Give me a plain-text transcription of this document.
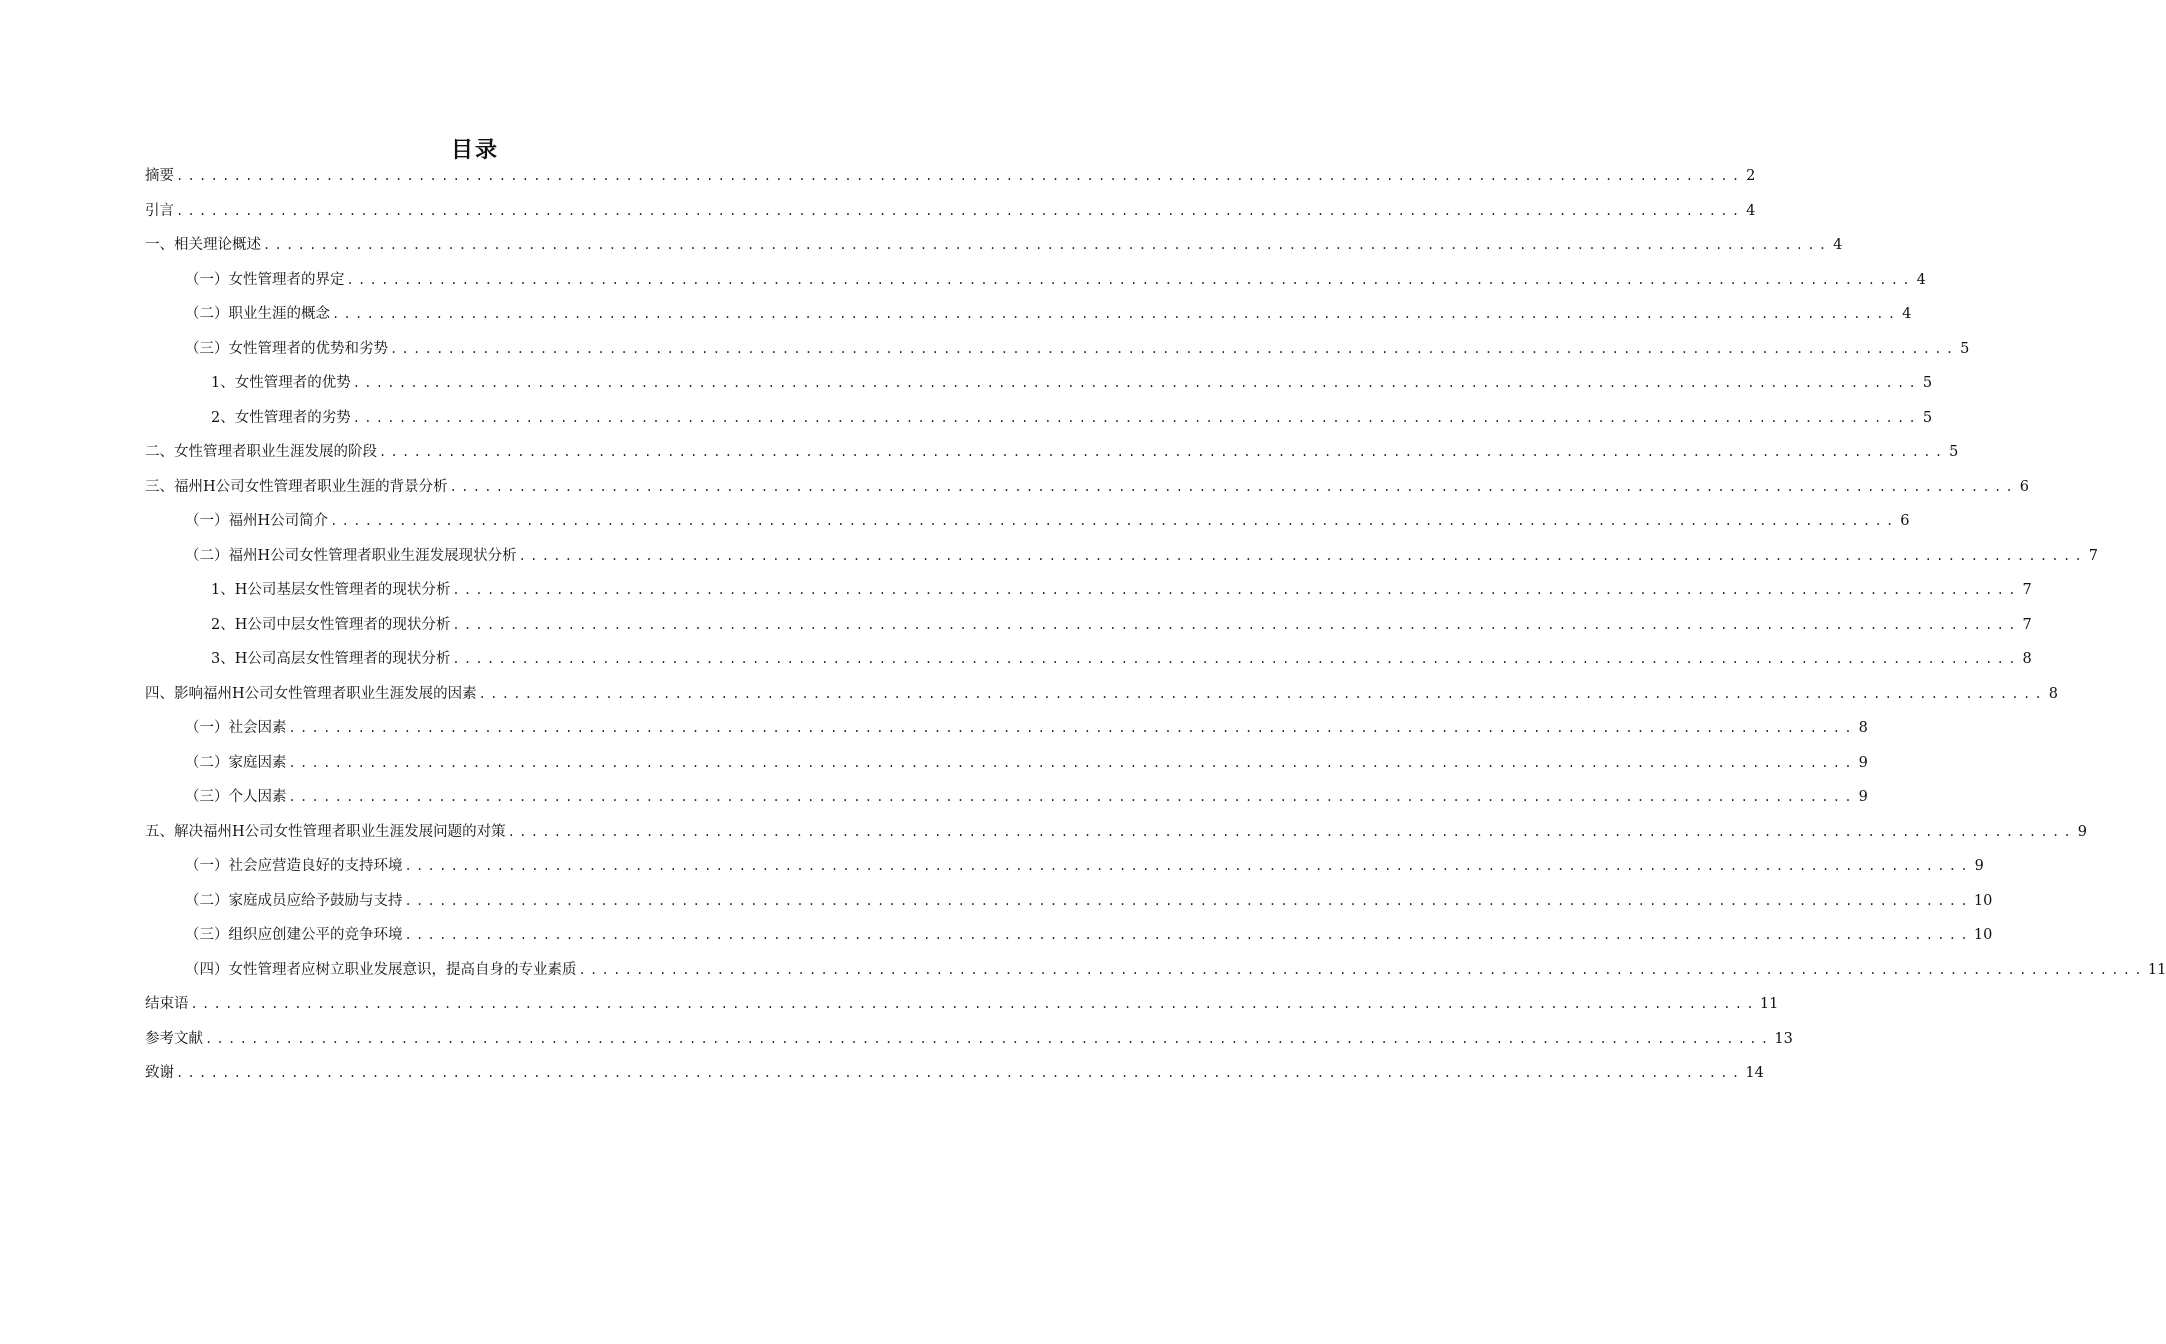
目录
摘要 ........................................................................................................................................ 2
引言 ........................................................................................................................................ 4
一、相关理论概述 ........................................................................................................................................ 4
（一）女性管理者的界定 ........................................................................................................................................ 4
（二）职业生涯的概念 ........................................................................................................................................ 4
（三）女性管理者的优势和劣势 ........................................................................................................................................ 5
1、女性管理者的优势 ........................................................................................................................................ 5
2、女性管理者的劣势 ........................................................................................................................................ 5
二、女性管理者职业生涯发展的阶段 ........................................................................................................................................ 5
三、福州H公司女性管理者职业生涯的背景分析 ........................................................................................................................................ 6
（一）福州H公司简介 ........................................................................................................................................ 6
（二）福州H公司女性管理者职业生涯发展现状分析 ........................................................................................................................................ 7
1、H公司基层女性管理者的现状分析 ........................................................................................................................................ 7
2、H公司中层女性管理者的现状分析 ........................................................................................................................................ 7
3、H公司高层女性管理者的现状分析 ........................................................................................................................................ 8
四、影响福州H公司女性管理者职业生涯发展的因素 ........................................................................................................................................ 8
（一）社会因素 ........................................................................................................................................ 8
（二）家庭因素 ........................................................................................................................................ 9
（三）个人因素 ........................................................................................................................................ 9
五、解决福州H公司女性管理者职业生涯发展问题的对策 ........................................................................................................................................ 9
（一）社会应营造良好的支持环境 ........................................................................................................................................ 9
（二）家庭成员应给予鼓励与支持 ........................................................................................................................................ 10
（三）组织应创建公平的竞争环境 ........................................................................................................................................ 10
（四）女性管理者应树立职业发展意识，提高自身的专业素质 ........................................................................................................................................ 11
结束语 ........................................................................................................................................ 11
参考文献 ........................................................................................................................................ 13
致谢 ........................................................................................................................................ 14
